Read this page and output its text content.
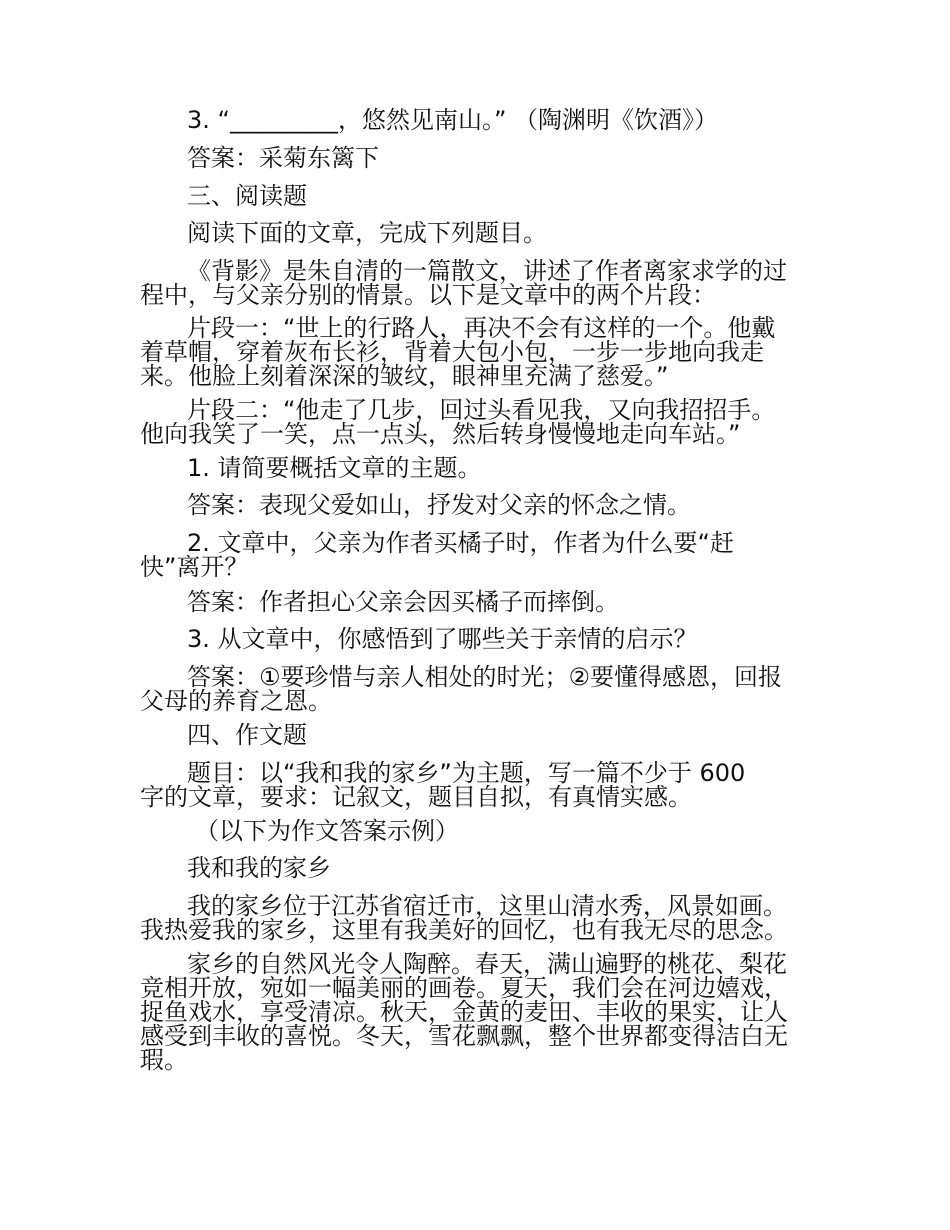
3. “_________，悠然见南山。” （陶渊明《饮酒》）
答案：采菊东篱下
三、阅读题
阅读下面的文章，完成下列题目。
《背影》是朱自清的一篇散文，讲述了作者离家求学的过
程中，与父亲分别的情景。以下是文章中的两个片段：
片段一：“世上的行路人，再决不会有这样的一个。他戴
着草帽，穿着灰布长衫，背着大包小包，一步一步地向我走
来。他脸上刻着深深的皱纹，眼神里充满了慈爱。”
片段二：“他走了几步，回过头看见我，又向我招招手。
他向我笑了一笑，点一点头，然后转身慢慢地走向车站。”
1. 请简要概括文章的主题。
答案：表现父爱如山，抒发对父亲的怀念之情。
2. 文章中，父亲为作者买橘子时，作者为什么要“赶
快”离开？
答案：作者担心父亲会因买橘子而摔倒。
3. 从文章中，你感悟到了哪些关于亲情的启示？
答案：①要珍惜与亲人相处的时光；②要懂得感恩，回报
父母的养育之恩。
四、作文题
题目：以“我和我的家乡”为主题，写一篇不少于 600
字的文章，要求：记叙文，题目自拟，有真情实感。
（以下为作文答案示例）
我和我的家乡
我的家乡位于江苏省宿迁市，这里山清水秀，风景如画。
我热爱我的家乡，这里有我美好的回忆，也有我无尽的思念。
家乡的自然风光令人陶醉。春天，满山遍野的桃花、梨花
竞相开放，宛如一幅美丽的画卷。夏天，我们会在河边嬉戏，
捉鱼戏水，享受清凉。秋天，金黄的麦田、丰收的果实，让人
感受到丰收的喜悦。冬天，雪花飘飘，整个世界都变得洁白无
瑕。
